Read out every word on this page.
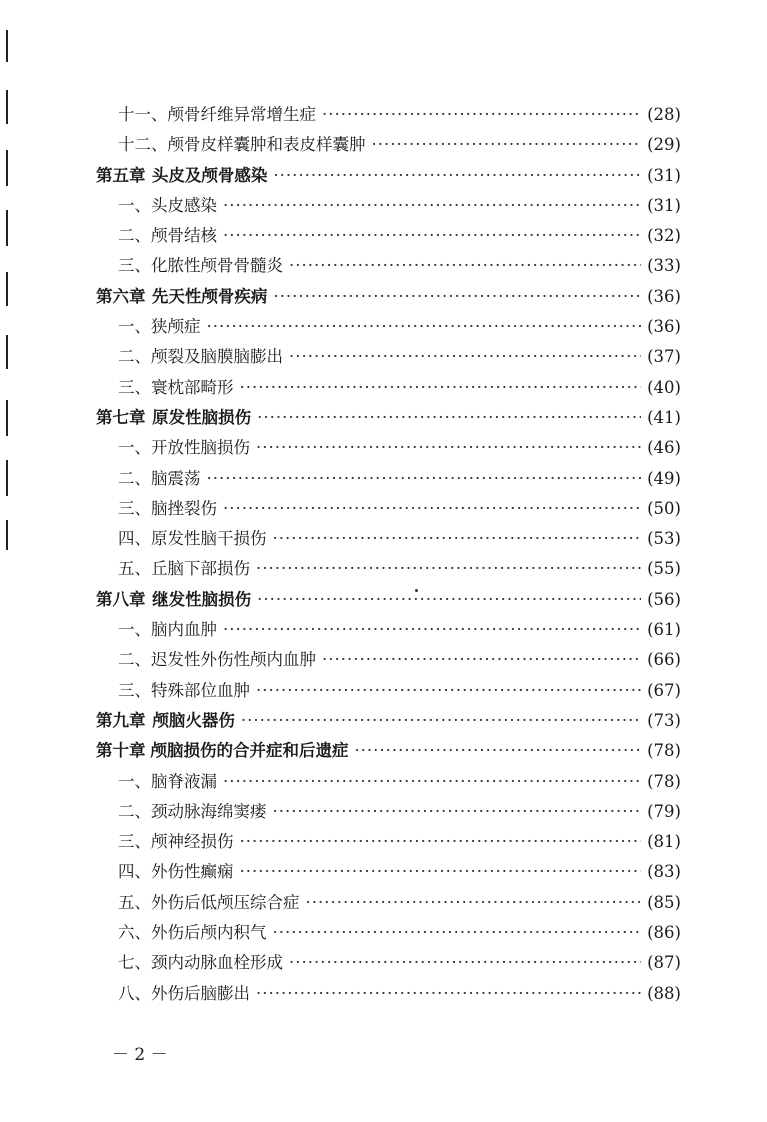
十一、 颅骨纤维异常增生症 ·····	(28)
十二、 颅骨皮样囊肿和表皮样囊肿 ·····	(29)
第五章 头皮及颅骨感染 ·····	(31)
一、 头皮感染 ·····	(31)
二、 颅骨结核 ·····	(32)
三、 化脓性颅骨骨髓炎 ·····	(33)
第六章 先天性颅骨疾病 ·····	(36)
一、 狭颅症 ·····	(36)
二、 颅裂及脑膜脑膨出 ·····	(37)
三、 寰枕部畸形 ·····	(40)
第七章 原发性脑损伤 ·····	(41)
一、 开放性脑损伤 ·····	(46)
二、 脑震荡 ·····	(49)
三、 脑挫裂伤 ·····	(50)
四、 原发性脑干损伤 ·····	(53)
五、 丘脑下部损伤 ·····	(55)
第八章 继发性脑损伤 ·····	(56)
一、 脑内血肿 ·····	(61)
二、 迟发性外伤性颅内血肿 ·····	(66)
三、 特殊部位血肿 ·····	(67)
第九章 颅脑火器伤 ·····	(73)
第十章 颅脑损伤的合并症和后遗症 ·····	(78)
一、 脑脊液漏 ·····	(78)
二、 颈动脉海绵窦瘘 ·····	(79)
三、 颅神经损伤 ·····	(81)
四、 外伤性癫痫 ·····	(83)
五、 外伤后低颅压综合症 ·····	(85)
六、 外伤后颅内积气 ·····	(86)
七、 颈内动脉血栓形成 ·····	(87)
八、 外伤后脑膨出 ·····	(88)
－ 2 －
